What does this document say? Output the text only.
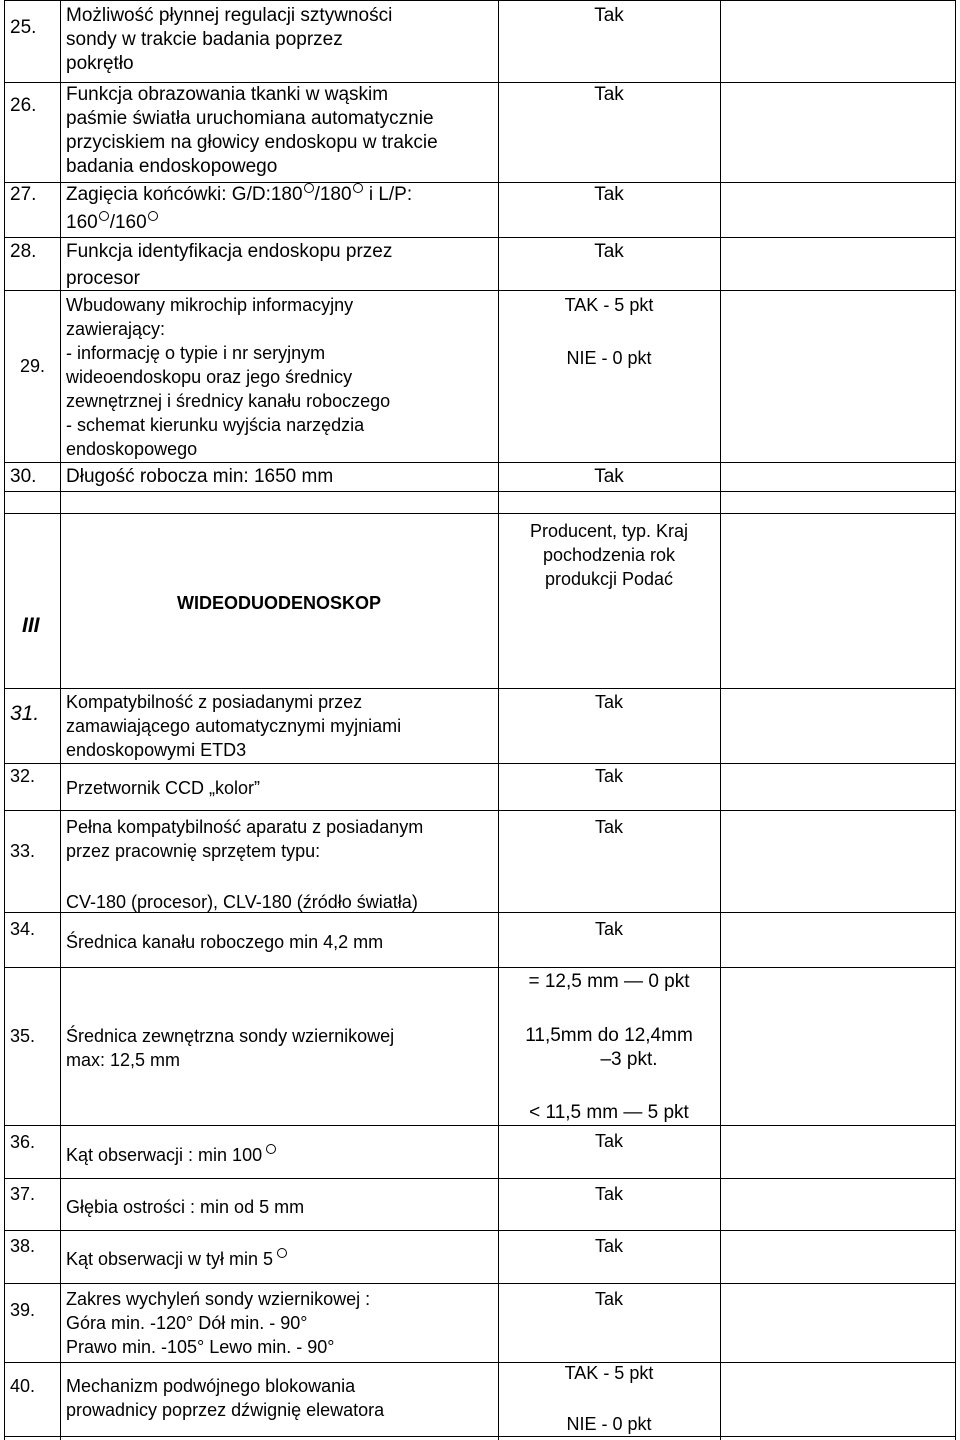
25.
Możliwość płynnej regulacji sztywności
sondy w trakcie badania poprzez
pokrętło
Tak
26.
Funkcja obrazowania tkanki w wąskim
paśmie światła uruchomiana automatycznie
przyciskiem na głowicy endoskopu w trakcie
badania endoskopowego
Tak
27. Zagięcia końcówki: G/D:180 /180 i L/P:
160 /160
Tak
28. Funkcja identyfikacja endoskopu przez
procesor
Tak
29.
Wbudowany mikrochip informacyjny
zawierający:
- informację o typie i nr seryjnym
wideoendoskopu oraz jego średnicy
zewnętrznej i średnicy kanału roboczego
- schemat kierunku wyjścia narzędzia
endoskopowego
TAK - 5 pkt
NIE - 0 pkt
30. Długość robocza min: 1650 mm	Tak
III
WIDEODUODENOSKOP
Producent, typ. Kraj
pochodzenia rok
produkcji Podać
31. Kompatybilność z posiadanymi przez
zamawiającego automatycznymi myjniami
endoskopowymi ETD3
Tak
32.
Przetwornik CCD „kolor”
Tak
33.
Pełna kompatybilność aparatu z posiadanym
przez pracownię sprzętem typu:
CV-180 (procesor), CLV-180 (źródło światła)
Tak
34.
Średnica kanału roboczego min 4,2 mm
Tak
35. Średnica zewnętrzna sondy wziernikowej
max: 12,5 mm
= 12,5 mm — 0 pkt
11,5mm do 12,4mm
–3 pkt.
< 11,5 mm — 5 pkt
36.
Kąt obserwacji : min 100
Tak
37.
Głębia ostrości : min od 5 mm
Tak
38.
Kąt obserwacji w tył min 5
Tak
39.
Zakres wychyleń sondy wziernikowej :
Góra min. -120° Dół min. - 90°
Prawo min. -105° Lewo min. - 90°
Tak
40. Mechanizm podwójnego blokowania
prowadnicy poprzez dźwignię elewatora
TAK - 5 pkt
NIE - 0 pkt
